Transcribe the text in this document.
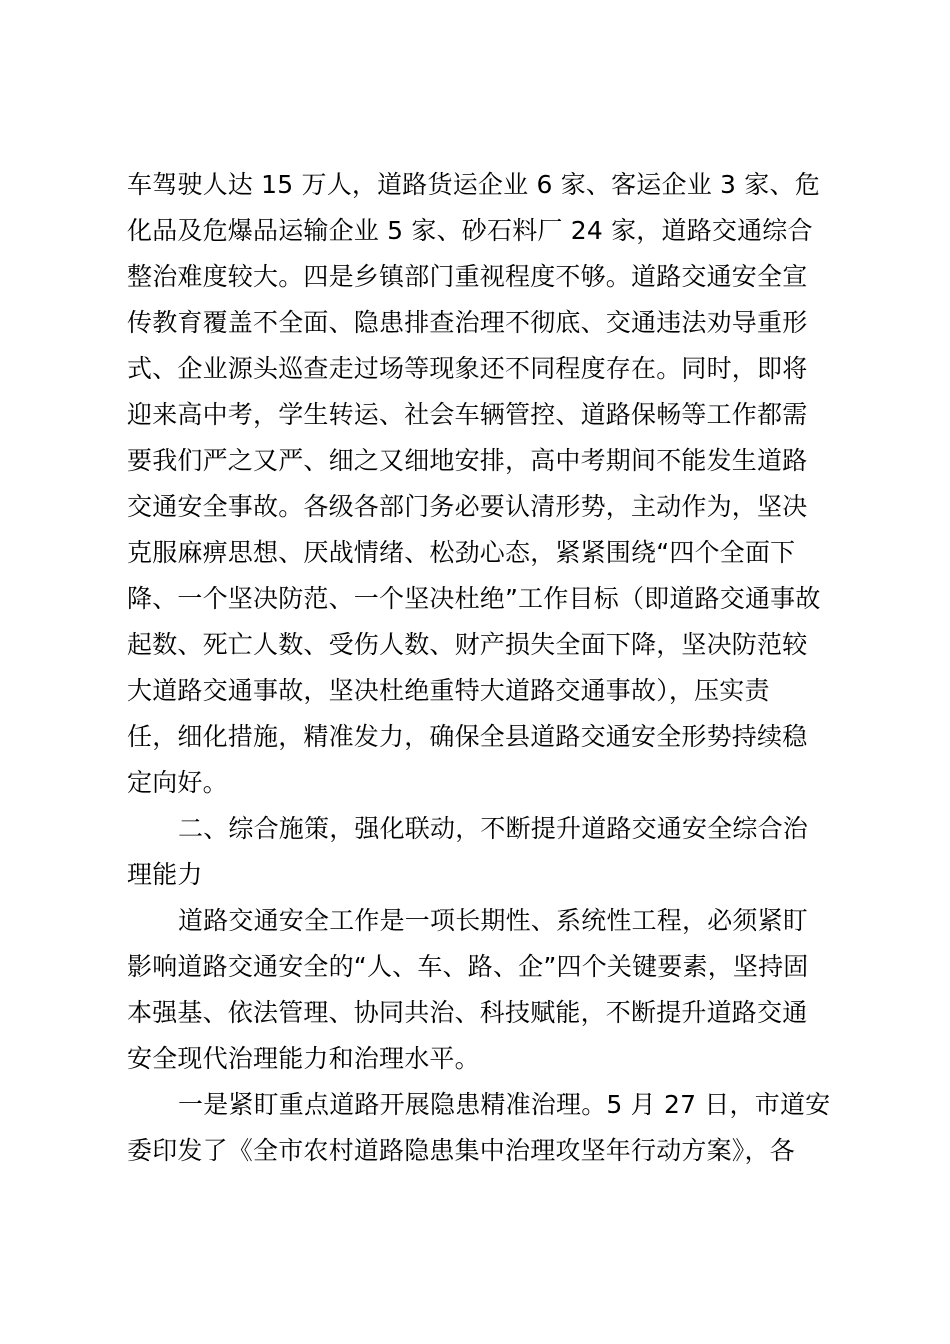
车驾驶人达 15 万人，道路货运企业 6 家、客运企业 3 家、危
化品及危爆品运输企业 5 家、砂石料厂 24 家，道路交通综合
整治难度较大。四是乡镇部门重视程度不够。道路交通安全宣
传教育覆盖不全面、隐患排查治理不彻底、交通违法劝导重形
式、企业源头巡查走过场等现象还不同程度存在。同时，即将
迎来高中考，学生转运、社会车辆管控、道路保畅等工作都需
要我们严之又严、细之又细地安排，高中考期间不能发生道路
交通安全事故。各级各部门务必要认清形势，主动作为，坚决
克服麻痹思想、厌战情绪、松劲心态，紧紧围绕“四个全面下
降、一个坚决防范、一个坚决杜绝”工作目标（即道路交通事故
起数、死亡人数、受伤人数、财产损失全面下降，坚决防范较
大道路交通事故，坚决杜绝重特大道路交通事故），压实责
任，细化措施，精准发力，确保全县道路交通安全形势持续稳
定向好。
二、综合施策，强化联动，不断提升道路交通安全综合治
理能力
道路交通安全工作是一项长期性、系统性工程，必须紧盯
影响道路交通安全的“人、车、路、企”四个关键要素，坚持固
本强基、依法管理、协同共治、科技赋能，不断提升道路交通
安全现代治理能力和治理水平。
一是紧盯重点道路开展隐患精准治理。5 月 27 日，市道安
委印发了《全市农村道路隐患集中治理攻坚年行动方案》，各
